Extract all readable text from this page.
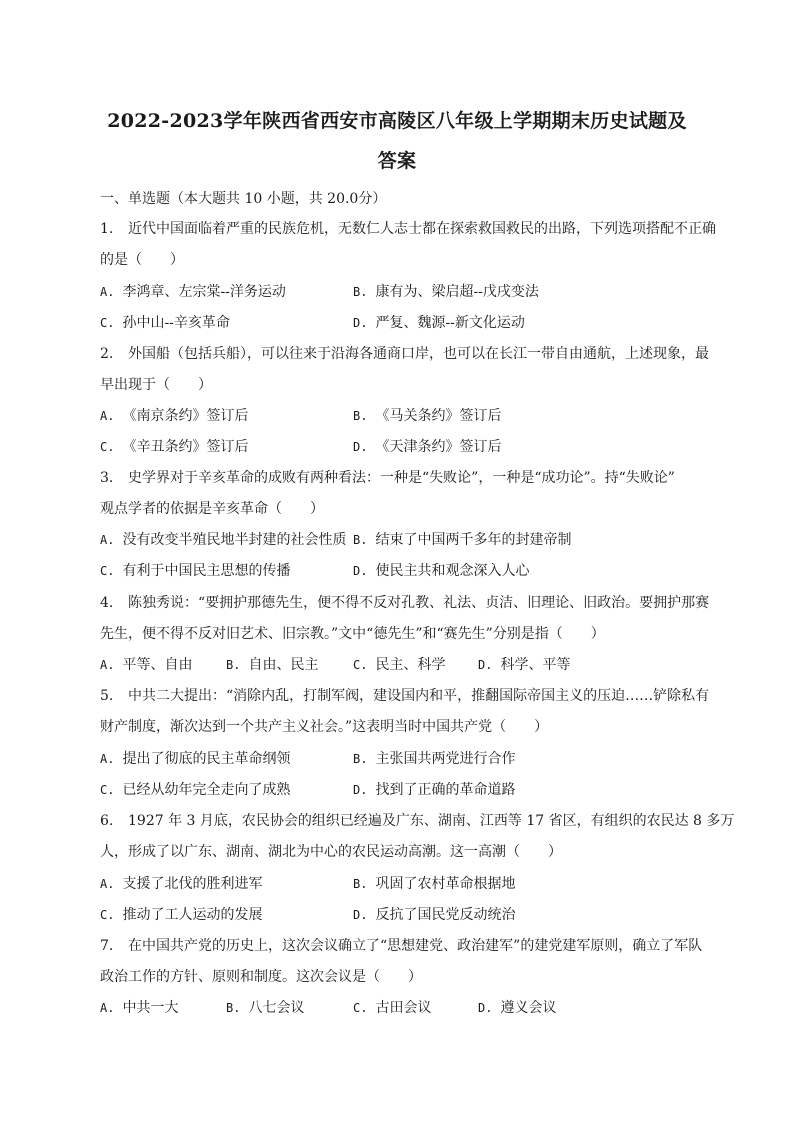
2022-2023学年陕西省西安市高陵区八年级上学期期末历史试题及
答案
一、单选题（本大题共 10 小题，共 20.0分）
1. 近代中国面临着严重的民族危机，无数仁人志士都在探索救国救民的出路，下列选项搭配不正确
的是（　　）
A. 李鸿章、左宗棠--洋务运动	B. 康有为、梁启超--戊戌变法
C. 孙中山--辛亥革命	D. 严复、魏源--新文化运动
2. 外国船（包括兵船），可以往来于沿海各通商口岸，也可以在长江一带自由通航，上述现象，最
早出现于（　　）
A. 《南京条约》签订后	B. 《马关条约》签订后
C. 《辛丑条约》签订后	D. 《天津条约》签订后
3. 史学界对于辛亥革命的成败有两种看法：一种是“失败论”，一种是“成功论”。持“失败论”
观点学者的依据是辛亥革命（　　）
A. 没有改变半殖民地半封建的社会性质 B. 结束了中国两千多年的封建帝制
C. 有利于中国民主思想的传播	D. 使民主共和观念深入人心
4. 陈独秀说：“要拥护那德先生，便不得不反对孔教、礼法、贞洁、旧理论、旧政治。要拥护那赛
先生，便不得不反对旧艺术、旧宗教。”文中“德先生”和“赛先生”分别是指（　　）
A. 平等、自由	B. 自由、民主	C. 民主、科学	D. 科学、平等
5. 中共二大提出：“消除内乱，打制军阀，建设国内和平，推翻国际帝国主义的压迫……铲除私有
财产制度，渐次达到一个共产主义社会。”这表明当时中国共产党（　　）
A. 提出了彻底的民主革命纲领	B. 主张国共两党进行合作
C. 已经从幼年完全走向了成熟	D. 找到了正确的革命道路
6. 1927 年 3 月底，农民协会的组织已经遍及广东、湖南、江西等 17 省区，有组织的农民达 8 多万
人，形成了以广东、湖南、湖北为中心的农民运动高潮。这一高潮（　　）
A. 支援了北伐的胜利进军	B. 巩固了农村革命根据地
C. 推动了工人运动的发展	D. 反抗了国民党反动统治
7. 在中国共产党的历史上，这次会议确立了“思想建党、政治建军”的建党建军原则，确立了军队
政治工作的方针、原则和制度。这次会议是（　　）
A. 中共一大	B. 八七会议	C. 古田会议	D. 遵义会议
